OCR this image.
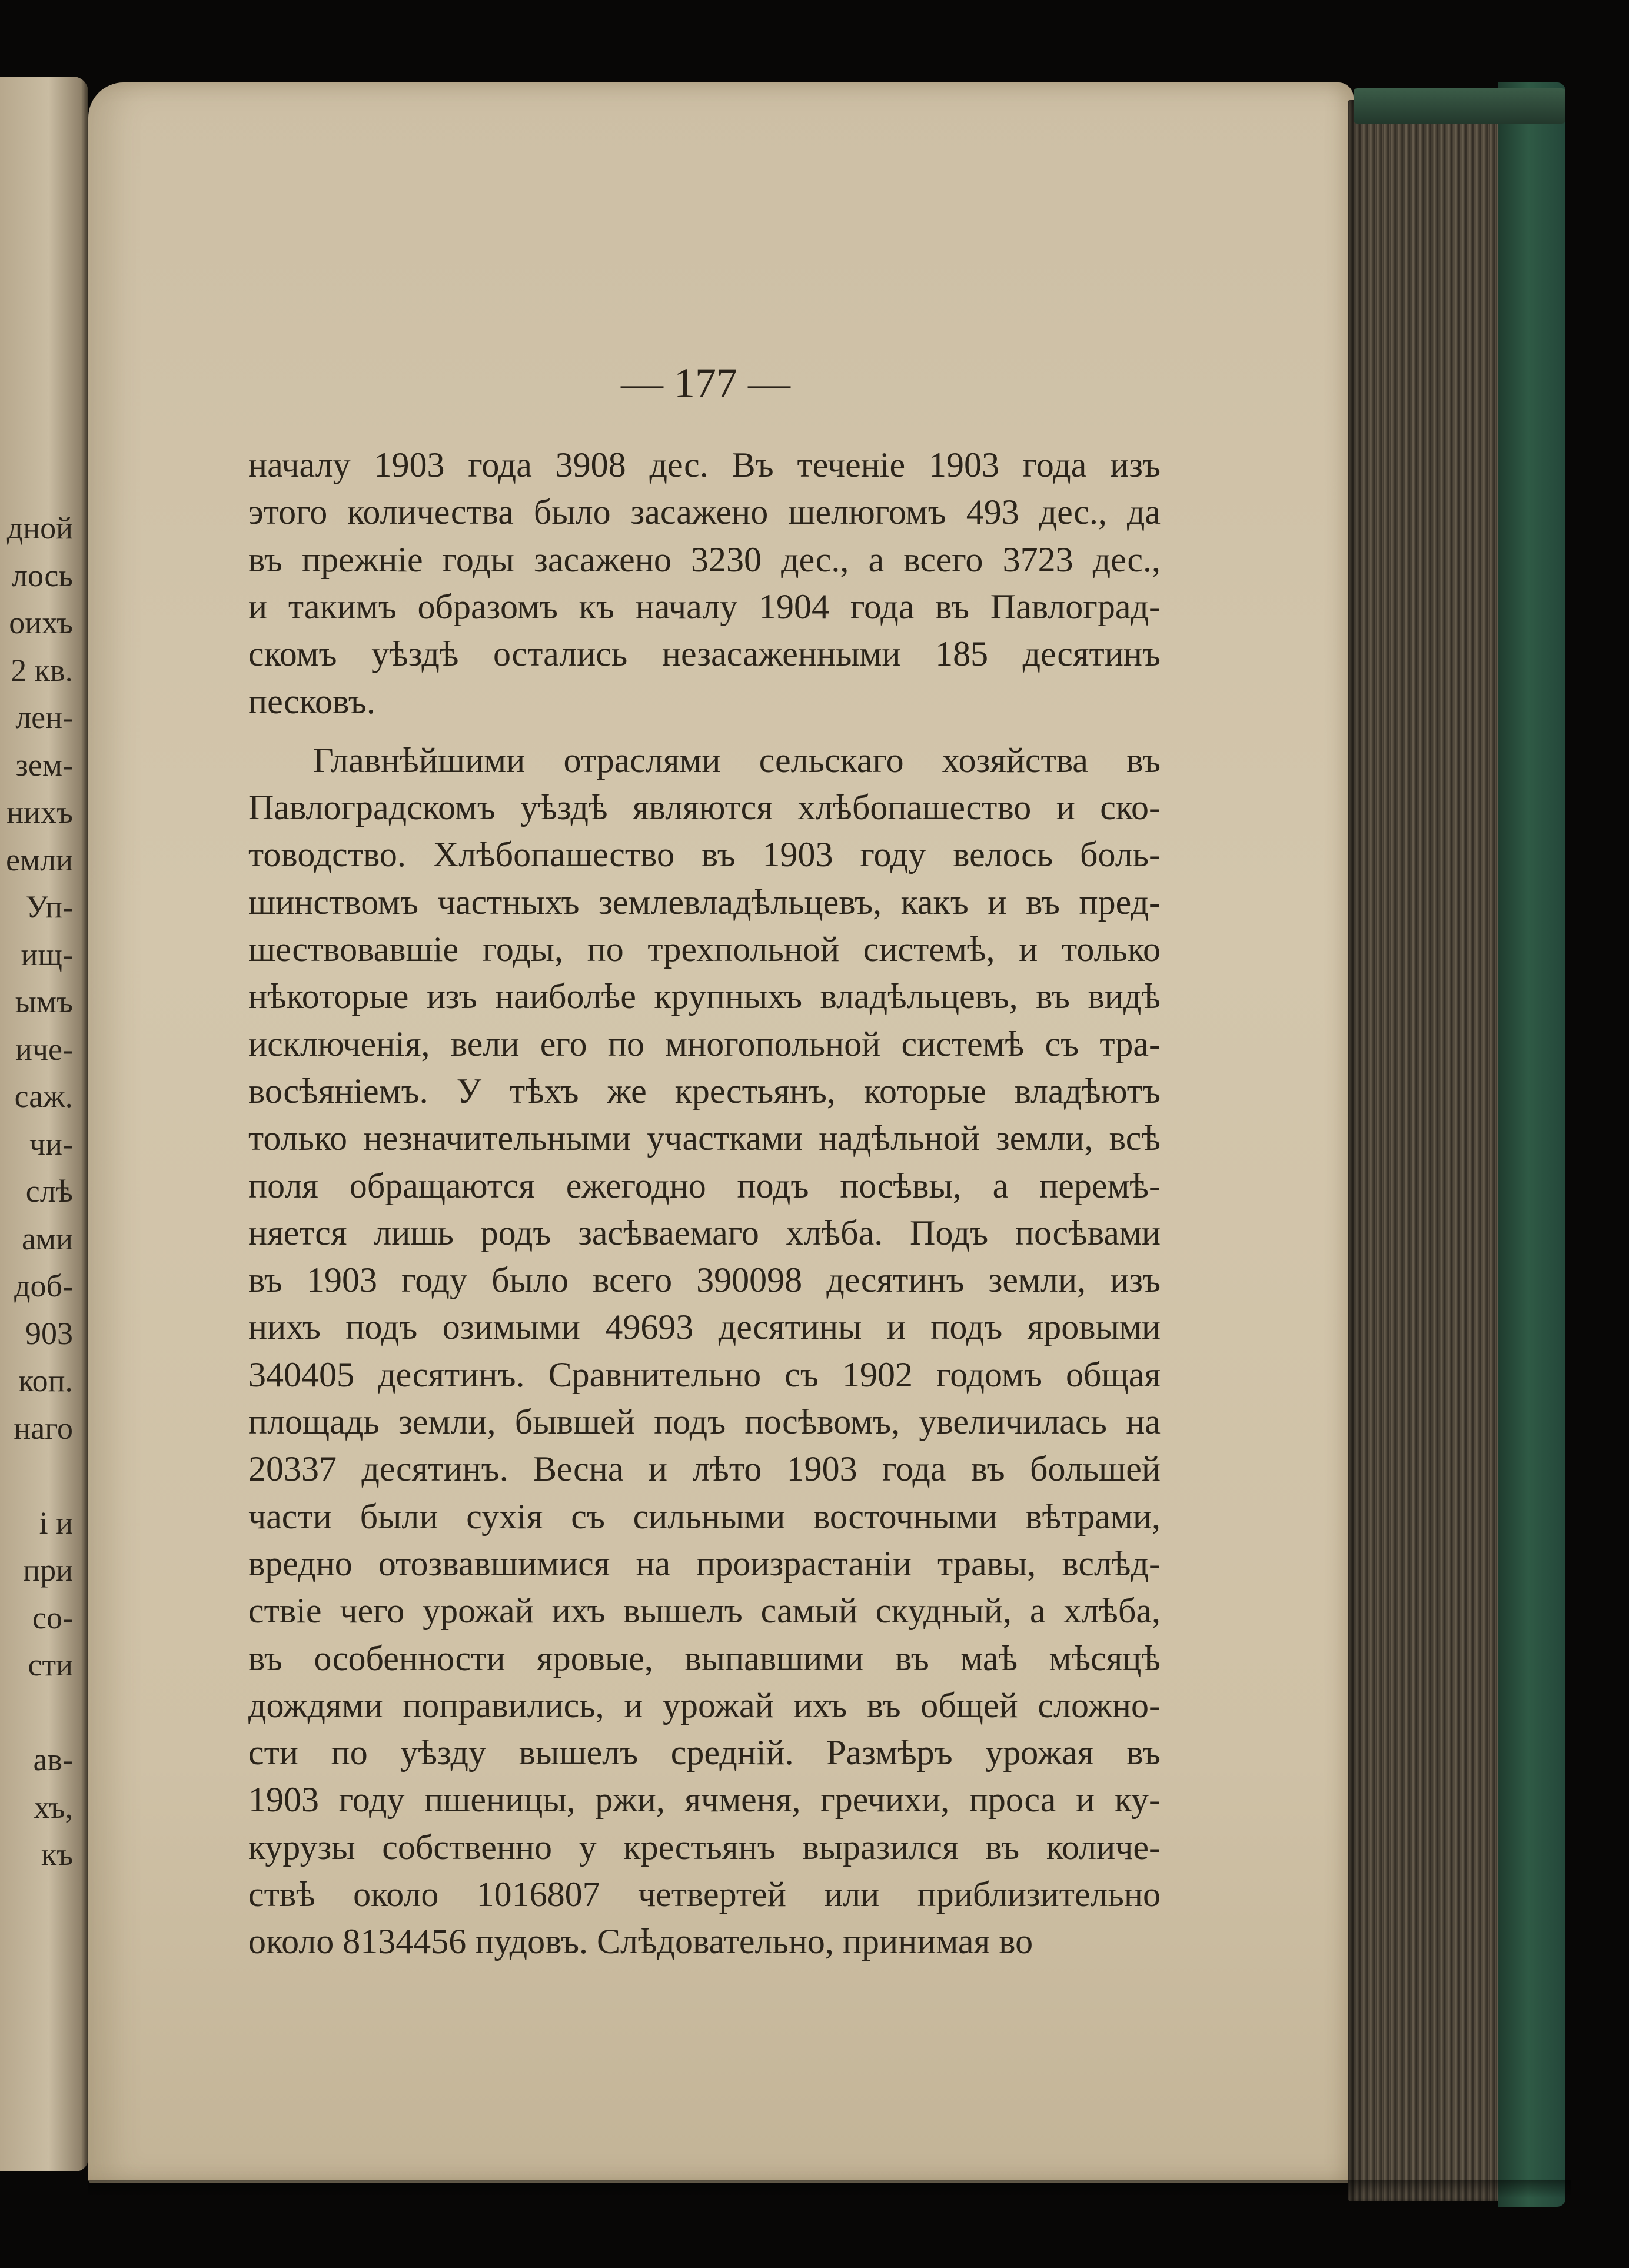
дной
лось
оихъ
2 кв.
лен-
зем-
ниxъ
емли
Уп-
ищ-
ымъ
иче-
саж.
чи-
слѣ
ами
доб-
903
коп.
наго
і и
при
со-
сти
ав-
хъ,
къ
— 177 —
началу 1903 года 3908 дес. Въ теченіе 1903 года изъ
этого количества было засажено шелюгомъ 493 дес., да
въ прежніе годы засажено 3230 дес., а всего 3723 дес.,
и такимъ образомъ къ началу 1904 года въ Павлоград-
скомъ уѣздѣ остались незасаженными 185 десятинъ
песковъ.
Главнѣйшими отраслями сельскаго хозяйства въ
Павлоградскомъ уѣздѣ являются хлѣбопашество и ско-
товодство. Хлѣбопашество въ 1903 году велось боль-
шинствомъ частныхъ землевладѣльцевъ, какъ и въ пред-
шествовавшіе годы, по трехпольной системѣ, и только
нѣкоторые изъ наиболѣе крупныхъ владѣльцевъ, въ видѣ
исключенія, вели его по многопольной системѣ съ тра-
восѣяніемъ. У тѣхъ же крестьянъ, которые владѣютъ
только незначительными участками надѣльной земли, всѣ
поля обращаются ежегодно подъ посѣвы, а перемѣ-
няется лишь родъ засѣваемаго хлѣба. Подъ посѣвами
въ 1903 году было всего 390098 десятинъ земли, изъ
нихъ подъ озимыми 49693 десятины и подъ яровыми
340405 десятинъ. Сравнительно съ 1902 годомъ общая
площадь земли, бывшей подъ посѣвомъ, увеличилась на
20337 десятинъ. Весна и лѣто 1903 года въ большей
части были сухія съ сильными восточными вѣтрами,
вредно отозвавшимися на произрастаніи травы, вслѣд-
ствіе чего урожай ихъ вышелъ самый скудный, а хлѣба,
въ особенности яровые, выпавшими въ маѣ мѣсяцѣ
дождями поправились, и урожай ихъ въ общей сложно-
сти по уѣзду вышелъ средній. Размѣръ урожая въ
1903 году пшеницы, ржи, ячменя, гречихи, проса и ку-
курузы собственно у крестьянъ выразился въ количе-
ствѣ около 1016807 четвертей или приблизительно
около 8134456 пудовъ. Слѣдовательно, принимая во
